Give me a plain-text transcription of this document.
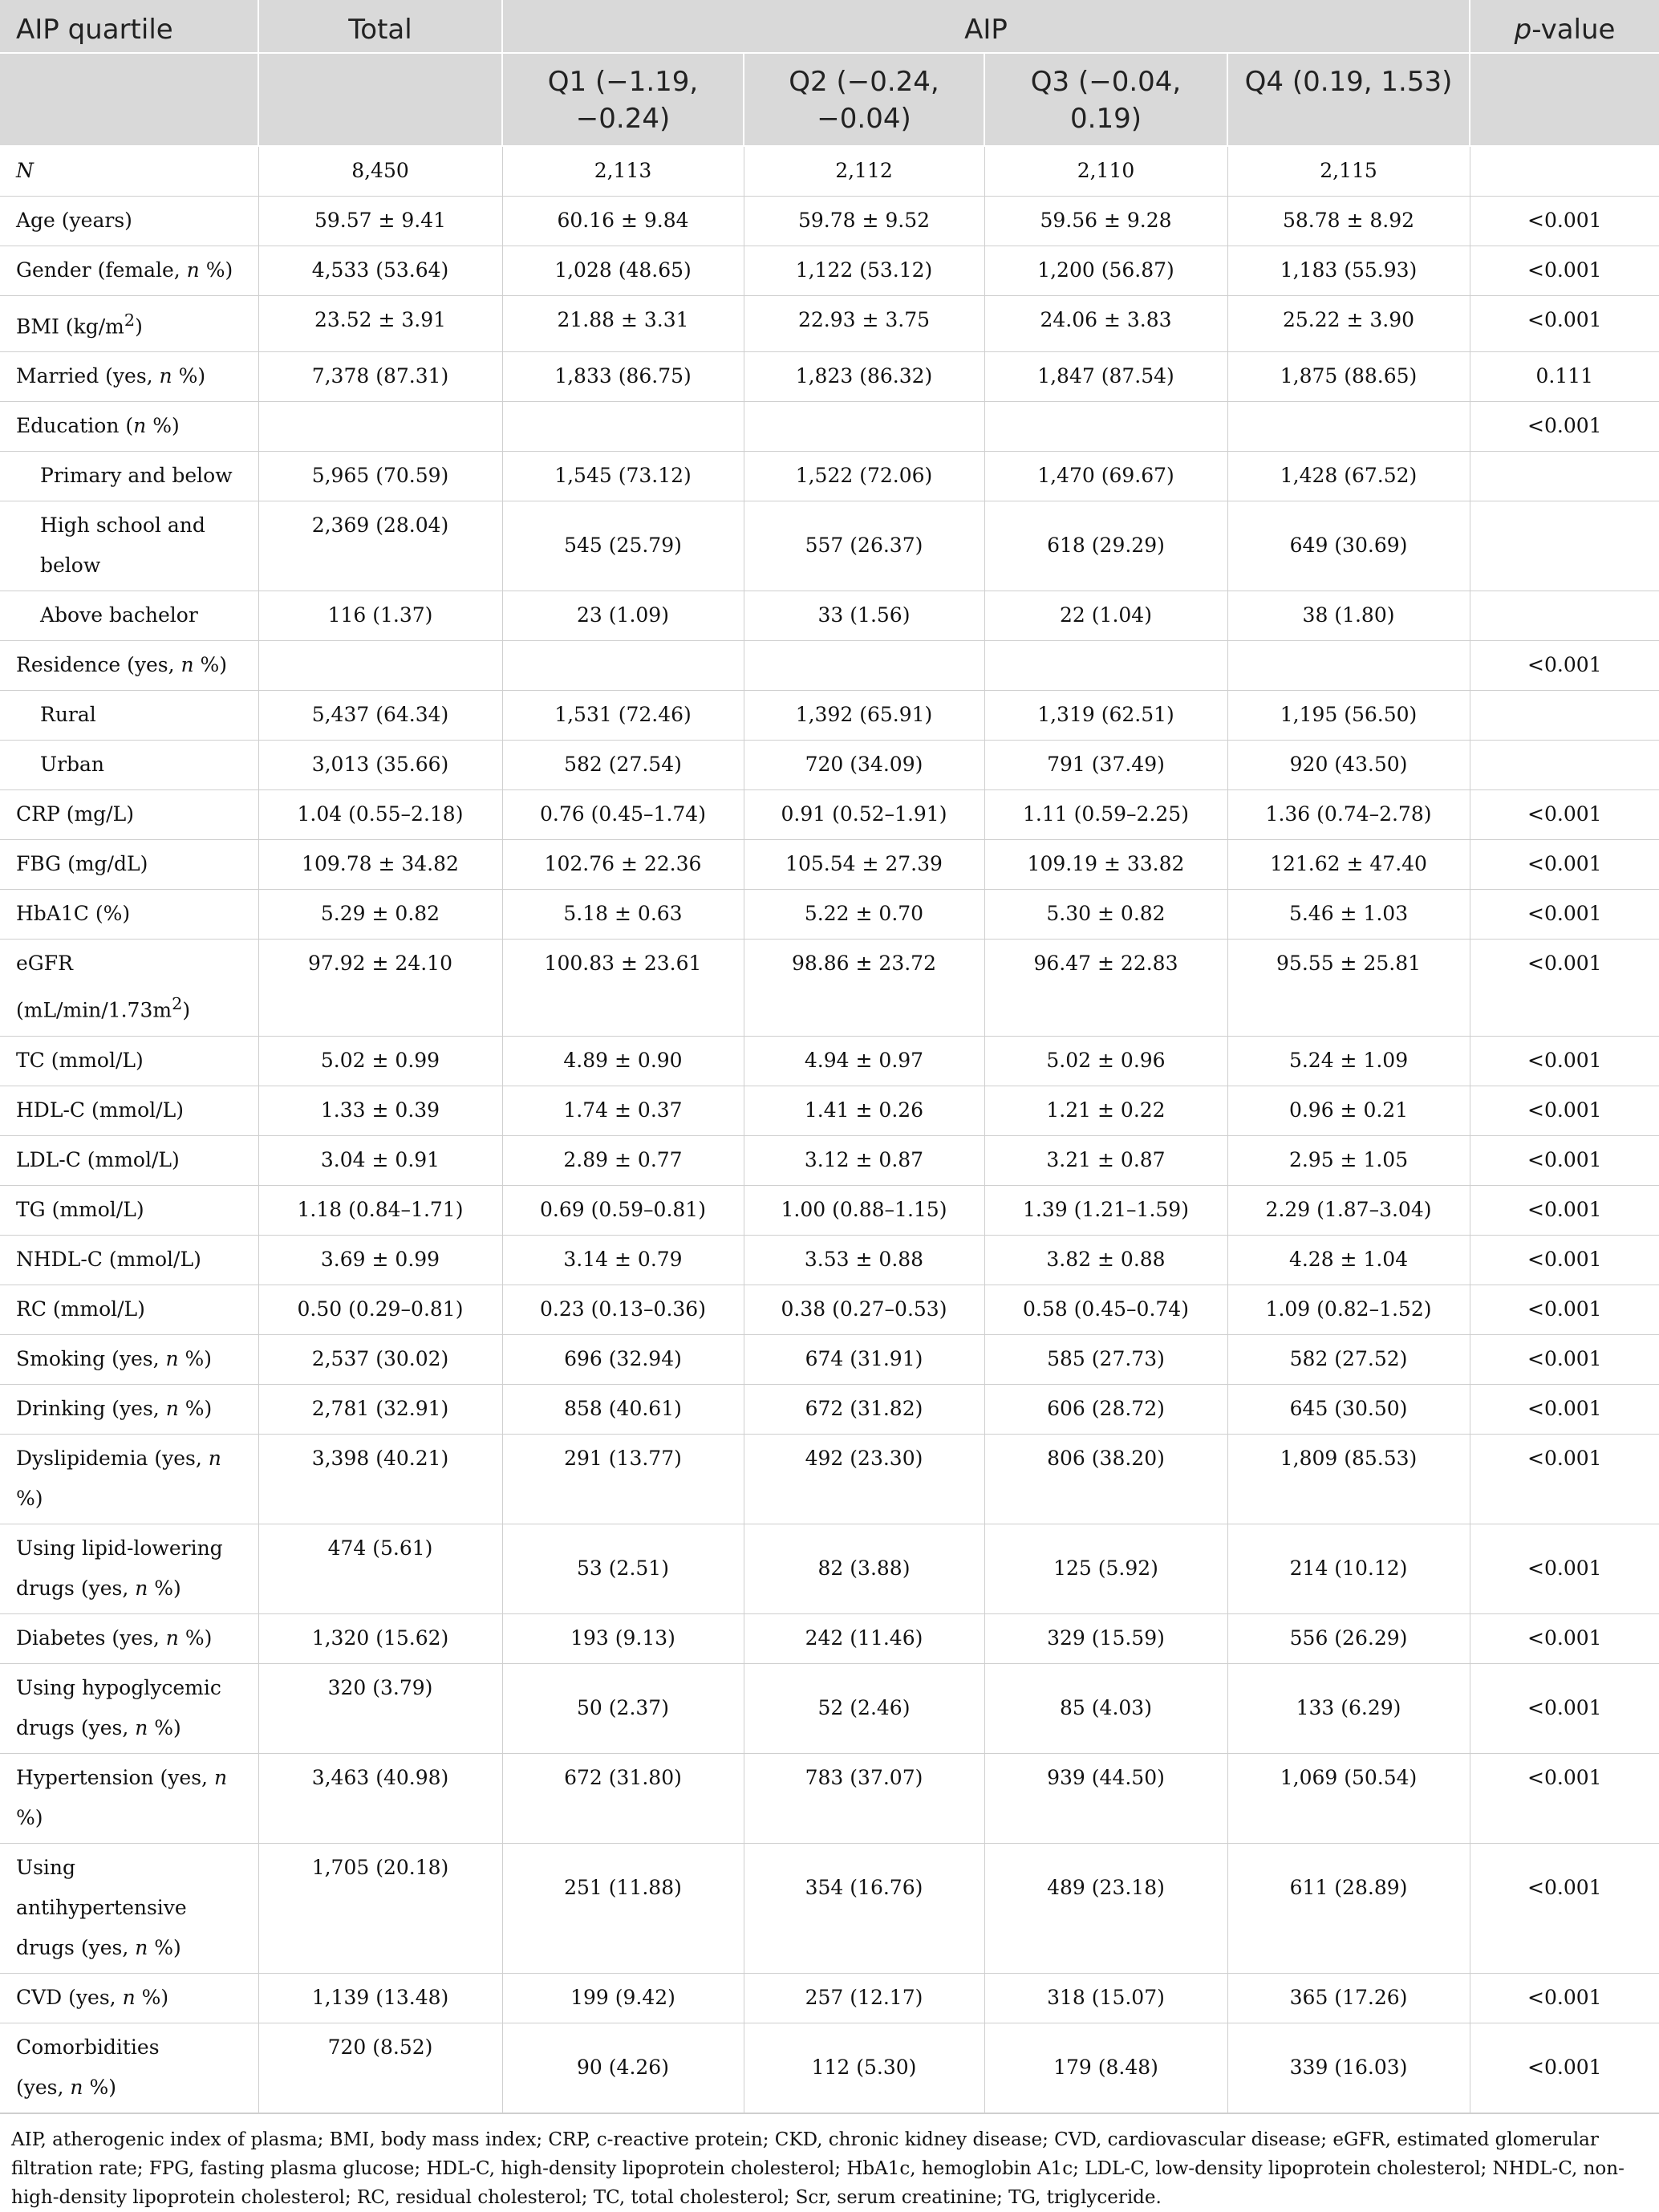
AIP quartile	Total	AIP				p-value
		Q1 (−1.19, −0.24)	Q2 (−0.24, −0.04)	Q3 (−0.04, 0.19)	Q4 (0.19, 1.53)	
N	8,450	2,113	2,112	2,110	2,115	
Age (years)	59.57 ± 9.41	60.16 ± 9.84	59.78 ± 9.52	59.56 ± 9.28	58.78 ± 8.92	<0.001
Gender (female, n %)	4,533 (53.64)	1,028 (48.65)	1,122 (53.12)	1,200 (56.87)	1,183 (55.93)	<0.001
BMI $(kg/m^2)$	23.52 ± 3.91	21.88 ± 3.31	22.93 ± 3.75	24.06 ± 3.83	25.22 ± 3.90	<0.001
Married (yes, n %)	7,378 (87.31)	1,833 (86.75)	1,823 (86.32)	1,847 (87.54)	1,875 (88.65)	0.111
Education (n %)						<0.001
Primary and below	5,965 (70.59)	1,545 (73.12)	1,522 (72.06)	1,470 (69.67)	1,428 (67.52)	
High school and
below	2,369 (28.04)	545 (25.79)	557 (26.37)	618 (29.29)	649 (30.69)	
Above bachelor	116 (1.37)	23 (1.09)	33 (1.56)	22 (1.04)	38 (1.80)	
Residence (yes, n %)						<0.001
Rural	5,437 (64.34)	1,531 (72.46)	1,392 (65.91)	1,319 (62.51)	1,195 (56.50)	
Urban	3,013 (35.66)	582 (27.54)	720 (34.09)	791 (37.49)	920 (43.50)	
CRP (mg/L)	1.04 (0.55–2.18)	0.76 (0.45–1.74)	0.91 (0.52–1.91)	1.11 (0.59–2.25)	1.36 (0.74–2.78)	<0.001
FBG (mg/dL)	109.78 ± 34.82	102.76 ± 22.36	105.54 ± 27.39	109.19 ± 33.82	121.62 ± 47.40	<0.001
HbA1C (%)	5.29 ± 0.82	5.18 ± 0.63	5.22 ± 0.70	5.30 ± 0.82	5.46 ± 1.03	<0.001
eGFR $(mL/\min/1.73m^2)$	97.92 ± 24.10	100.83 ± 23.61	98.86 ± 23.72	96.47 ± 22.83	95.55 ± 25.81	<0.001
TC (mmol/L)	5.02 ± 0.99	4.89 ± 0.90	4.94 ± 0.97	5.02 ± 0.96	5.24 ± 1.09	<0.001
HDL-C (mmol/L)	1.33 ± 0.39	1.74 ± 0.37	1.41 ± 0.26	1.21 ± 0.22	0.96 ± 0.21	<0.001
LDL-C (mmol/L)	3.04 ± 0.91	2.89 ± 0.77	3.12 ± 0.87	3.21 ± 0.87	2.95 ± 1.05	<0.001
TG (mmol/L)	1.18 (0.84–1.71)	0.69 (0.59–0.81)	1.00 (0.88–1.15)	1.39 (1.21–1.59)	2.29 (1.87–3.04)	<0.001
NHDL-C (mmol/L)	3.69 ± 0.99	3.14 ± 0.79	3.53 ± 0.88	3.82 ± 0.88	4.28 ± 1.04	<0.001
RC (mmol/L)	0.50 (0.29–0.81)	0.23 (0.13–0.36)	0.38 (0.27–0.53)	0.58 (0.45–0.74)	1.09 (0.82–1.52)	<0.001
Smoking (yes, n %)	2,537 (30.02)	696 (32.94)	674 (31.91)	585 (27.73)	582 (27.52)	<0.001
Drinking (yes, n %)	2,781 (32.91)	858 (40.61)	672 (31.82)	606 (28.72)	645 (30.50)	<0.001
Dyslipidemia (yes, n %)	3,398 (40.21)	291 (13.77)	492 (23.30)	806 (38.20)	1,809 (85.53)	<0.001
Using lipid-lowering
drugs (yes, n %)	474 (5.61)	53 (2.51)	82 (3.88)	125 (5.92)	214 (10.12)	<0.001
Diabetes (yes, n %)	1,320 (15.62)	193 (9.13)	242 (11.46)	329 (15.59)	556 (26.29)	<0.001
Using hypoglycemic
drugs (yes, n %)	320 (3.79)	50 (2.37)	52 (2.46)	85 (4.03)	133 (6.29)	<0.001
Hypertension (yes, n %)	3,463 (40.98)	672 (31.80)	783 (37.07)	939 (44.50)	1,069 (50.54)	<0.001
Using antihypertensive
drugs (yes, n %)	1,705 (20.18)	251 (11.88)	354 (16.76)	489 (23.18)	611 (28.89)	<0.001
CVD (yes, n %)	1,139 (13.48)	199 (9.42)	257 (12.17)	318 (15.07)	365 (17.26)	<0.001
Comorbidities
(yes, n %)	720 (8.52)	90 (4.26)	112 (5.30)	179 (8.48)	339 (16.03)	<0.001
AIP, atherogenic index of plasma; BMI, body mass index; CRP, c-reactive protein; CKD, chronic kidney disease; CVD, cardiovascular disease; eGFR, estimated glomerular filtration rate; FPG, fasting plasma glucose; HDL-C, high-density lipoprotein cholesterol; HbA1c, hemoglobin A1c; LDL-C, low-density lipoprotein cholesterol; NHDL-C, non-high-density lipoprotein cholesterol; RC, residual cholesterol; TC, total cholesterol; Scr, serum creatinine; TG, triglyceride.
